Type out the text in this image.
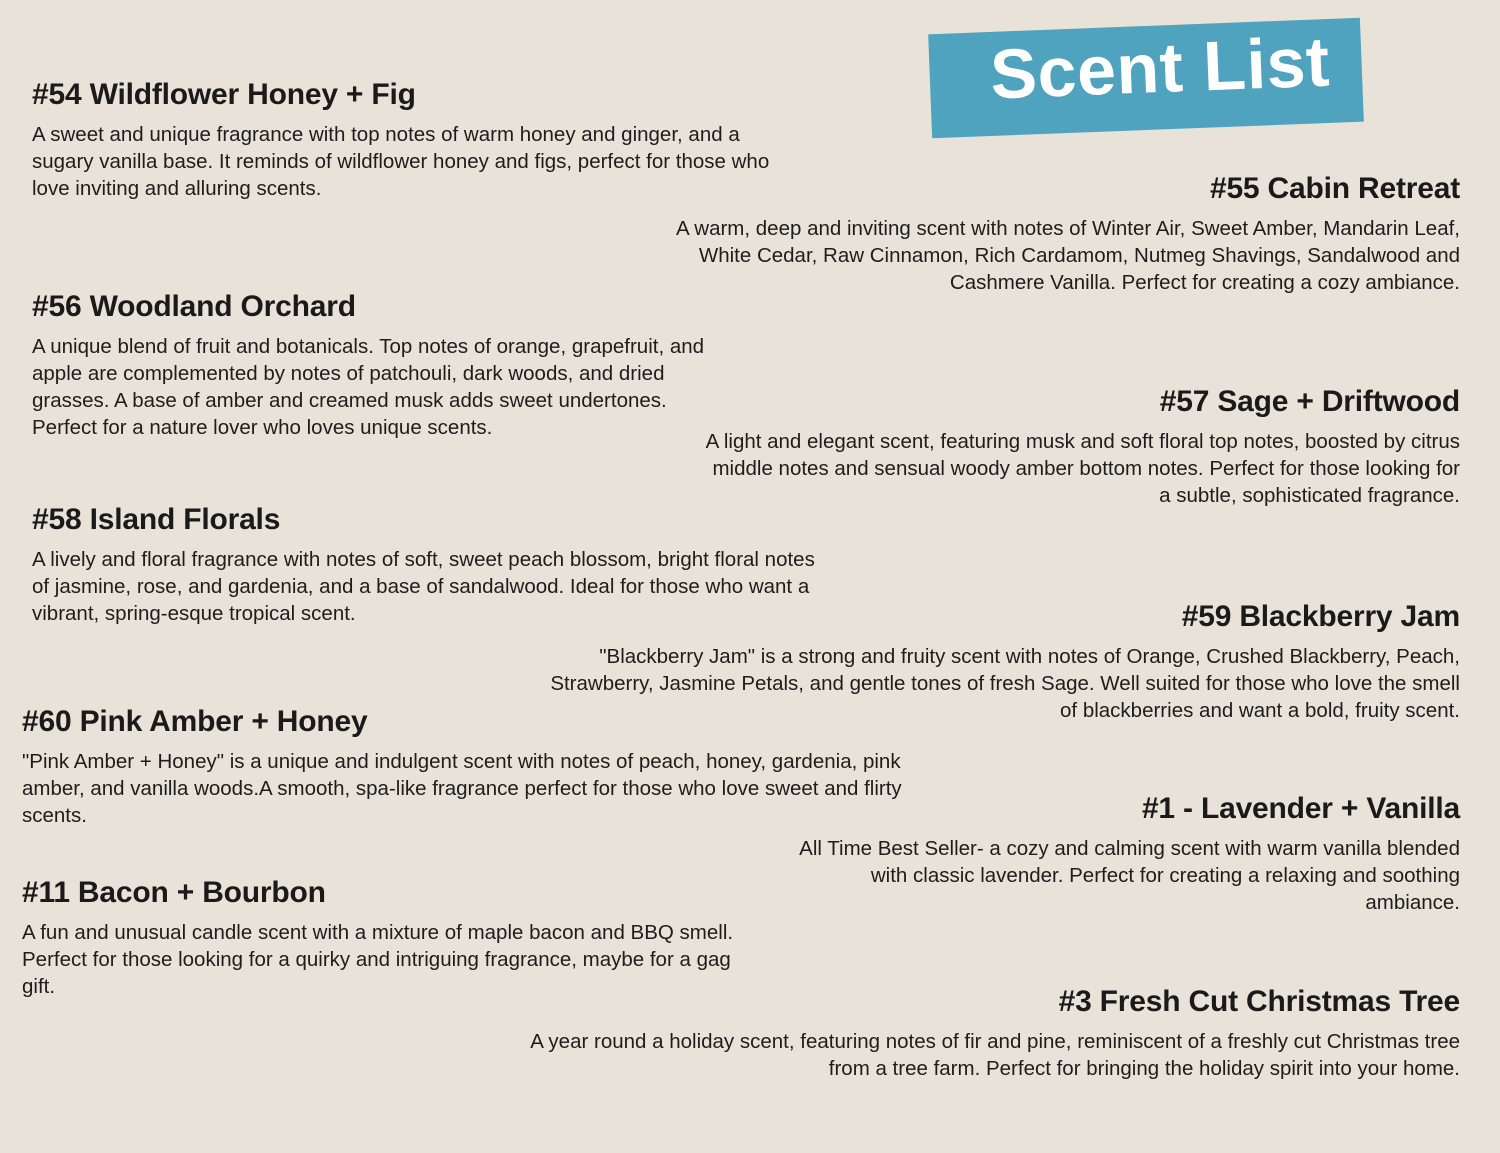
Scent List
#54 Wildflower Honey + Fig

A sweet and unique fragrance with top notes of warm honey and ginger, and a sugary vanilla base. It reminds of wildflower honey and figs, perfect for those who love inviting and alluring scents.	#55 Cabin Retreat

A warm, deep and inviting scent with notes of Winter Air, Sweet Amber, Mandarin Leaf, White Cedar, Raw Cinnamon, Rich Cardamom, Nutmeg Shavings, Sandalwood and Cashmere Vanilla. Perfect for creating a cozy ambiance.

#56 Woodland Orchard

A unique blend of fruit and botanicals. Top notes of orange, grapefruit, and apple are complemented by notes of patchouli, dark woods, and dried grasses. A base of amber and creamed musk adds sweet undertones. Perfect for a nature lover who loves unique scents.

#57 Sage + Driftwood

A light and elegant scent, featuring musk and soft floral top notes, boosted by citrus middle notes and sensual woody amber bottom notes. Perfect for those looking for a subtle, sophisticated fragrance.

#58 Island Florals

A lively and floral fragrance with notes of soft, sweet peach blossom, bright floral notes of jasmine, rose, and gardenia, and a base of sandalwood. Ideal for those who want a vibrant, spring-esque tropical scent.	#59 Blackberry Jam

"Blackberry Jam" is a strong and fruity scent with notes of Orange, Crushed Blackberry, Peach, Strawberry, Jasmine Petals, and gentle tones of fresh Sage. Well suited for those who love the smell of blackberries and want a bold, fruity scent.

#60 Pink Amber + Honey

"Pink Amber + Honey" is a unique and indulgent scent with notes of peach, honey, gardenia, pink amber, and vanilla woods.A smooth, spa-like fragrance perfect for those who love sweet and flirty scents.	#1 - Lavender + Vanilla

All Time Best Seller- a cozy and calming scent with warm vanilla blended with classic lavender. Perfect for creating a relaxing and soothing ambiance.

#11 Bacon + Bourbon

A fun and unusual candle scent with a mixture of maple bacon and BBQ smell. Perfect for those looking for a quirky and intriguing fragrance, maybe for a gag gift.	#3 Fresh Cut Christmas Tree

A year round a holiday scent, featuring notes of fir and pine, reminiscent of a freshly cut Christmas tree from a tree farm. Perfect for bringing the holiday spirit into your home.
